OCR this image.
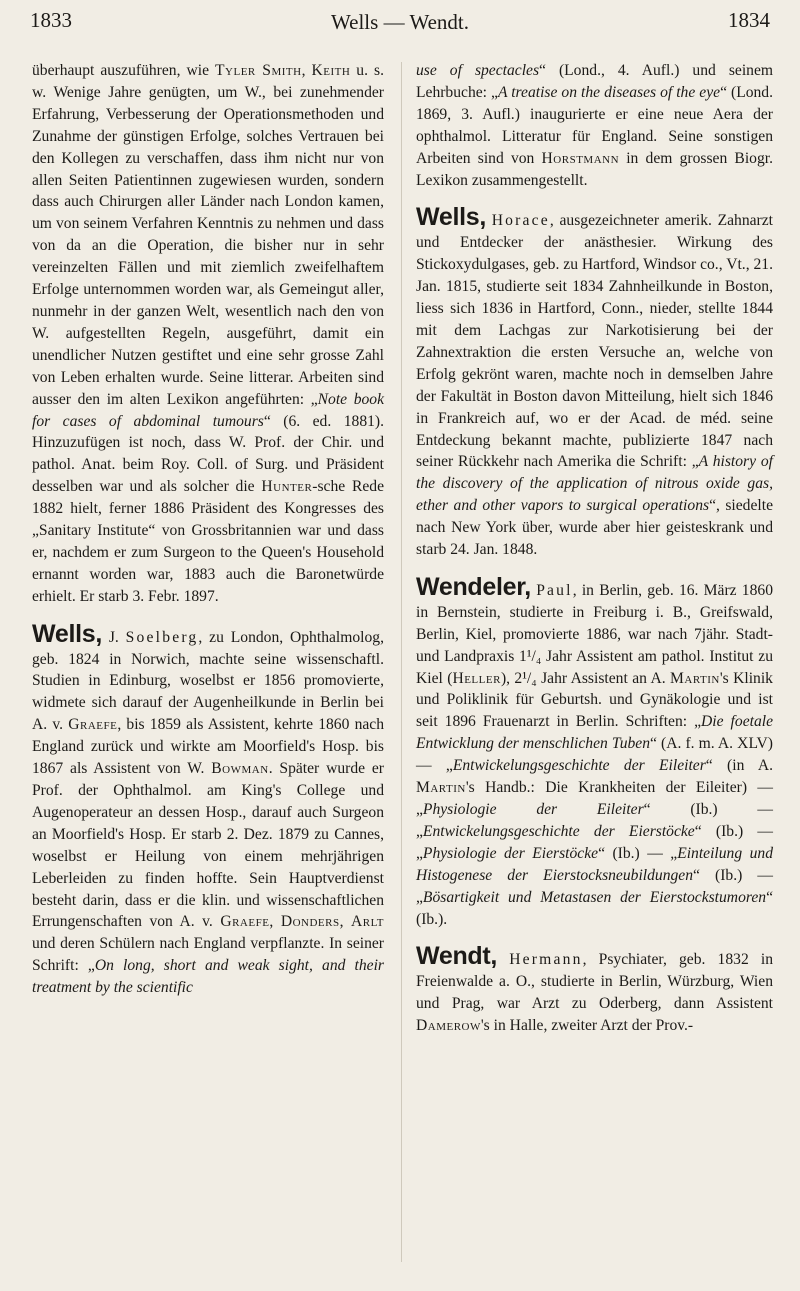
1833	Wells — Wendt.	1834

überhaupt auszuführen, wie Tyler Smith, Keith u. s. w. Wenige Jahre genügten, um W., bei zunehmender Erfahrung, Verbesserung der Operationsmethoden und Zunahme der günstigen Erfolge, solches Vertrauen bei den Kollegen zu verschaffen, dass ihm nicht nur von allen Seiten Patientinnen zugewiesen wurden, sondern dass auch Chirurgen aller Länder nach London kamen, um von seinem Verfahren Kenntnis zu nehmen und dass von da an die Operation, die bisher nur in sehr vereinzelten Fällen und mit ziemlich zweifelhaftem Erfolge unternommen worden war, als Gemeingut aller, nunmehr in der ganzen Welt, wesentlich nach den von W. aufgestellten Regeln, ausgeführt, damit ein unendlicher Nutzen gestiftet und eine sehr grosse Zahl von Leben erhalten wurde. Seine litterar. Arbeiten sind ausser den im alten Lexikon angeführten: „Note book for cases of abdominal tumours“ (6. ed. 1881). Hinzuzufügen ist noch, dass W. Prof. der Chir. und pathol. Anat. beim Roy. Coll. of Surg. und Präsident desselben war und als solcher die Hunter-sche Rede 1882 hielt, ferner 1886 Präsident des Kongresses des „Sanitary Institute“ von Grossbritannien war und dass er, nachdem er zum Surgeon to the Queen's Household ernannt worden war, 1883 auch die Baronetwürde erhielt. Er starb 3. Febr. 1897.

Wells, J. Soelberg, zu London, Ophthalmolog, geb. 1824 in Norwich, machte seine wissenschaftl. Studien in Edinburg, woselbst er 1856 promovierte, widmete sich darauf der Augenheilkunde in Berlin bei A. v. Graefe, bis 1859 als Assistent, kehrte 1860 nach England zurück und wirkte am Moorfield's Hosp. bis 1867 als Assistent von W. Bowman. Später wurde er Prof. der Ophthalmol. am King's College und Augenoperateur an dessen Hosp., darauf auch Surgeon an Moorfield's Hosp. Er starb 2. Dez. 1879 zu Cannes, woselbst er Heilung von einem mehrjährigen Leberleiden zu finden hoffte. Sein Hauptverdienst besteht darin, dass er die klin. und wissenschaftlichen Errungenschaften von A. v. Graefe, Donders, Arlt und deren Schülern nach England verpflanzte. In seiner Schrift: „On long, short and weak sight, and their treatment by the scientific

use of spectacles“ (Lond., 4. Aufl.) und seinem Lehrbuche: „A treatise on the diseases of the eye“ (Lond. 1869, 3. Aufl.) inaugurierte er eine neue Aera der ophthalmol. Litteratur für England. Seine sonstigen Arbeiten sind von Horstmann in dem grossen Biogr. Lexikon zusammengestellt.

Wells, Horace, ausgezeichneter amerik. Zahnarzt und Entdecker der anästhesier. Wirkung des Stickoxydulgases, geb. zu Hartford, Windsor co., Vt., 21. Jan. 1815, studierte seit 1834 Zahnheilkunde in Boston, liess sich 1836 in Hartford, Conn., nieder, stellte 1844 mit dem Lachgas zur Narkotisierung bei der Zahnextraktion die ersten Versuche an, welche von Erfolg gekrönt waren, machte noch in demselben Jahre der Fakultät in Boston davon Mitteilung, hielt sich 1846 in Frankreich auf, wo er der Acad. de méd. seine Entdeckung bekannt machte, publizierte 1847 nach seiner Rückkehr nach Amerika die Schrift: „A history of the discovery of the application of nitrous oxide gas, ether and other vapors to surgical operations“, siedelte nach New York über, wurde aber hier geisteskrank und starb 24. Jan. 1848.

Wendeler, Paul, in Berlin, geb. 16. März 1860 in Bernstein, studierte in Freiburg i. B., Greifswald, Berlin, Kiel, promovierte 1886, war nach 7jähr. Stadt- und Landpraxis 1¹/₄ Jahr Assistent am pathol. Institut zu Kiel (Heller), 2¹/₄ Jahr Assistent an A. Martin's Klinik und Poliklinik für Geburtsh. und Gynäkologie und ist seit 1896 Frauenarzt in Berlin. Schriften: „Die foetale Entwicklung der menschlichen Tuben“ (A. f. m. A. XLV) — „Entwickelungsgeschichte der Eileiter“ (in A. Martin's Handb.: Die Krankheiten der Eileiter) — „Physiologie der Eileiter“ (Ib.) — „Entwickelungsgeschichte der Eierstöcke“ (Ib.) — „Physiologie der Eierstöcke“ (Ib.) — „Einteilung und Histogenese der Eierstocksneubildungen“ (Ib.) — „Bösartigkeit und Metastasen der Eierstockstumoren“ (Ib.).

Wendt, Hermann, Psychiater, geb. 1832 in Freienwalde a. O., studierte in Berlin, Würzburg, Wien und Prag, war Arzt zu Oderberg, dann Assistent Damerow's in Halle, zweiter Arzt der Prov.-
